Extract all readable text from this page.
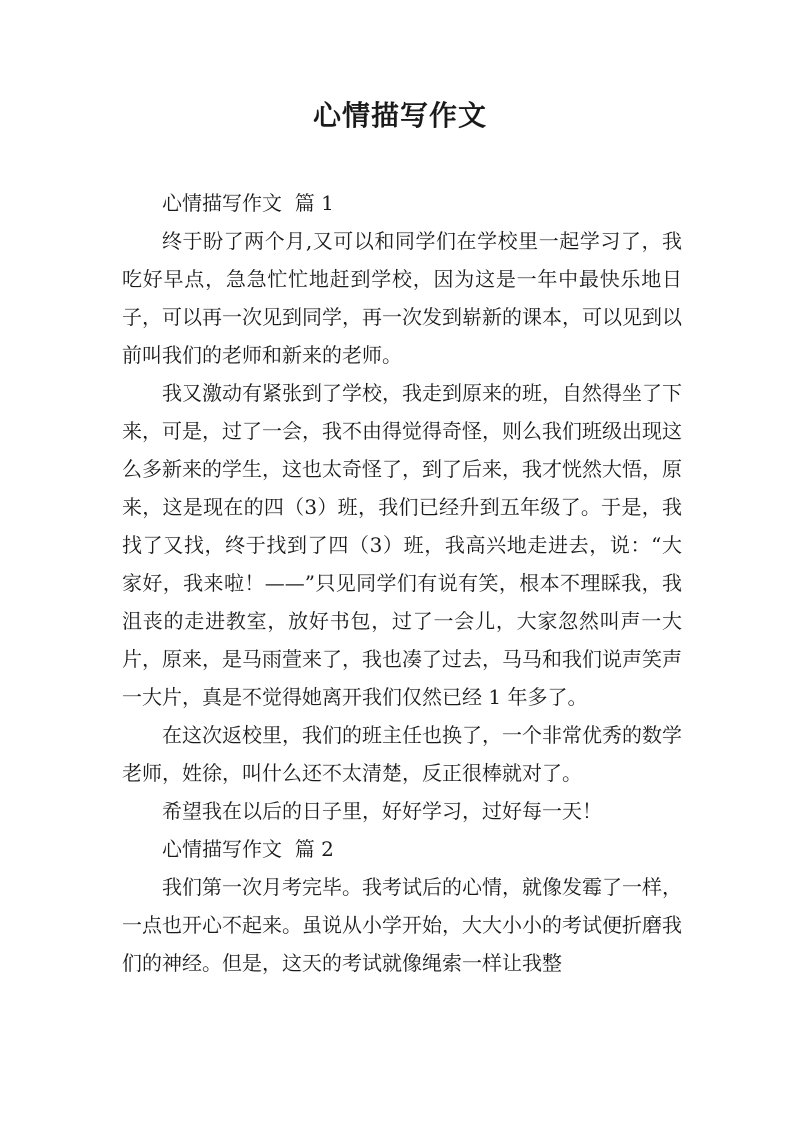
心情描写作文

心情描写作文  篇 1

终于盼了两个月,又可以和同学们在学校里一起学习了，我吃好早点，急急忙忙地赶到学校，因为这是一年中最快乐地日子，可以再一次见到同学，再一次发到崭新的课本，可以见到以前叫我们的老师和新来的老师。

我又激动有紧张到了学校，我走到原来的班，自然得坐了下来，可是，过了一会，我不由得觉得奇怪，则么我们班级出现这么多新来的学生，这也太奇怪了，到了后来，我才恍然大悟，原来，这是现在的四（3）班，我们已经升到五年级了。于是，我找了又找，终于找到了四（3）班，我高兴地走进去，说：“大家好，我来啦！——”只见同学们有说有笑，根本不理睬我，我沮丧的走进教室，放好书包，过了一会儿，大家忽然叫声一大片，原来，是马雨萱来了，我也凑了过去，马马和我们说声笑声一大片，真是不觉得她离开我们仅然已经 1 年多了。

在这次返校里，我们的班主任也换了，一个非常优秀的数学老师，姓徐，叫什么还不太清楚，反正很棒就对了。

希望我在以后的日子里，好好学习，过好每一天！

心情描写作文  篇 2

我们第一次月考完毕。我考试后的心情，就像发霉了一样，一点也开心不起来。虽说从小学开始，大大小小的考试便折磨我们的神经。但是，这天的考试就像绳索一样让我整
